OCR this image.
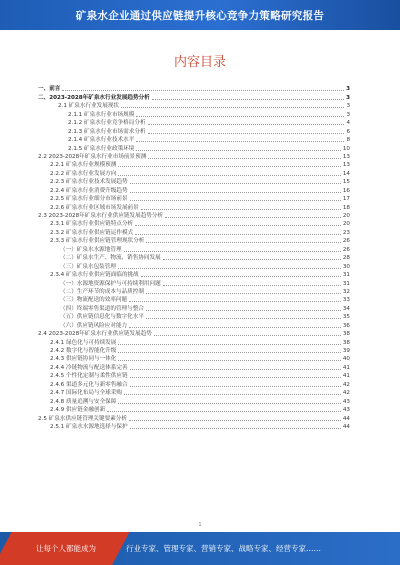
矿泉水企业通过供应链提升核心竞争力策略研究报告
内容目录
一、前言	3
二、2023-2028年矿泉水行业发展趋势分析	3
2.1 矿泉水行业发展现状	3
2.1.1 矿泉水行业市场规模	3
2.1.2 矿泉水行业竞争格局分析	4
2.1.3 矿泉水行业市场需求分析	6
2.1.4 矿泉水行业技术水平	8
2.1.5 矿泉水行业政策环境	10
2.2 2023-2028年矿泉水行业市场前景预测	13
2.2.1 矿泉水行业规模预测	13
2.2.2 矿泉水行业发展方向	14
2.2.3 矿泉水行业技术发展趋势	15
2.2.4 矿泉水行业消费升级趋势	16
2.2.5 矿泉水行业细分市场前景	17
2.2.6 矿泉水行业区域市场发展前景	18
2.3 2023-2028年矿泉水行业供应链发展趋势分析	20
2.3.1 矿泉水行业供应链特点分析	20
2.3.2 矿泉水行业供应链运作模式	23
2.3.3 矿泉水行业供应链管理现状分析	26
（一）矿泉水水源地管理	26
（二）矿泉水生产、物流、销售协同发展	28
（三）矿泉水包装管理	30
2.3.4 矿泉水行业供应链面临的挑战	31
（一）水源地资源保护与可持续利用问题	31
（二）生产环节的成本与品质控制	32
（三）物流配送的效率问题	33
（四）终端零售渠道的管理与整合	34
（五）供应链信息化与数字化水平	35
（六）供应链风险应对能力	36
2.4 2023-2028年矿泉水行业供应链发展趋势	38
2.4.1 绿色化与可持续发展	38
2.4.2 数字化与智能化升级	39
2.4.3 供应链协同与一体化	40
2.4.4 冷链物流与配送体系完善	41
2.4.5 个性化定制与柔性供应链	41
2.4.6 渠道多元化与新零售融合	42
2.4.7 国际化布局与全球采购	42
2.4.8 质量追溯与安全保障	43
2.4.9 供应链金融创新	43
2.5 矿泉水供应链管理关键要素分析	44
2.5.1 矿泉水水源地选择与保护	44
1
让每个人都能成为	行业专家、管理专家、营销专家、战略专家、经营专家……
